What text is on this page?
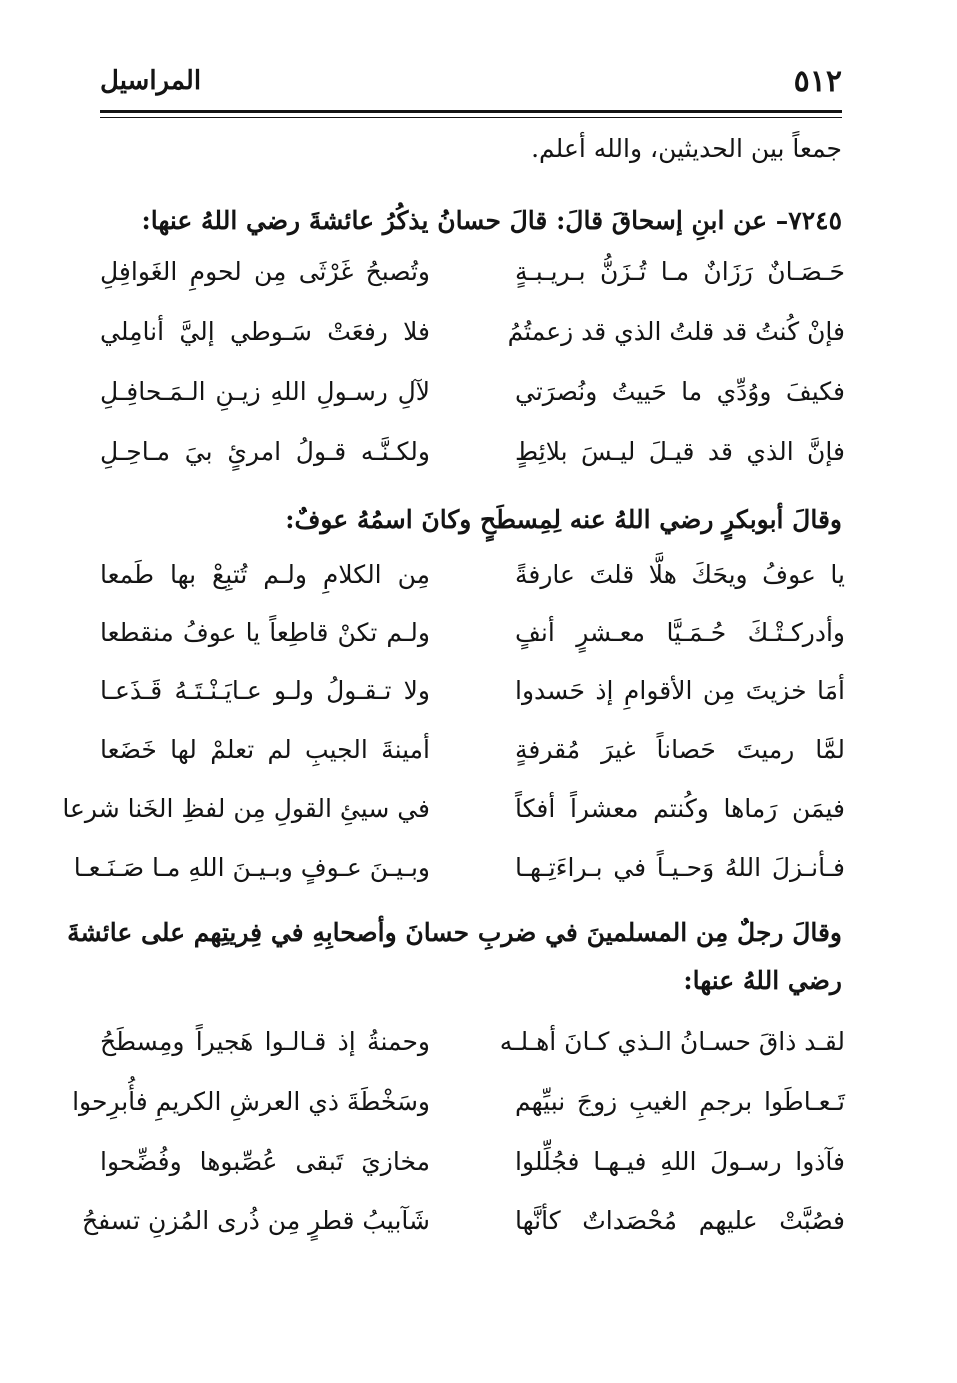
٥١٢
المراسيل
جمعاً بين الحديثين، والله أعلم.
٧٢٤٥– عن ابنِ إسحاقَ قالَ: قالَ حسانُ يذكُرُ عائشةَ رضي اللهُ عنها:
حَـصَـانٌ رَزَانٌ مـا تُـزَنُّ بـريـبـةٍ
وتُصبحُ غَرْثَى مِن لحومِ الغَوافِلِ
فإنْ كُنتُ قد قلتُ الذي قد زعمتُمُ
فلا رفعَتْ سَـوطي إليَّ أنامِلي
فكيفَ ووُدِّي ما حَييتُ ونُصرَتي
لآلِ رسـولِ اللهِ زيـنِ الـمَـحافِـلِ
فإنَّ الذي قد قيـلَ ليـسَ بلائِطٍ
ولكـنَّـه قـولُ امرئٍ بيَ مـاحِـلِ
وقالَ أبوبكرٍ رضي اللهُ عنه لِمِسطَحٍ وكانَ اسمُهُ عوفٌ:
يا عوفُ ويحَكَ هلَّا قلتَ عارفةً
مِن الكلامِ ولـم تُتبِعْ بها طَمعا
وأدركـتْـكَ حُـمَـيَّا معـشرٍ أنفٍ
ولـم تكنْ قاطِعاً يا عوفُ منقطعا
أمَا خزيتَ مِن الأقوامِ إذ حَسدوا
ولا تـقـولُ ولـو عـايَـنْـتَـهُ قَـذَعـا
لمَّا رميتَ حَصاناً غيرَ مُقرفةٍ
أمينةَ الجيبِ لم تعلمْ لها خَضَعا
فيمَن رَماها وكُنتم معشراً أفكاً
في سيئِ القولِ مِن لفظِ الخَنا شرعا
فـأنـزلَ اللهُ وَحـيـاً في بـراءَتِـهـا
وبـيـنَ عـوفٍ وبـيـنَ اللهِ مـا صَـنَـعـا
وقالَ رجلٌ مِن المسلمينَ في ضربِ حسانَ وأصحابِهِ في فِريتِهم على عائشةَ
رضي اللهُ عنها:
لقـد ذاقَ حسـانُ الـذي كـانَ أهـلـه
وحمنةُ إذ قـالـوا هَجيراً ومِسطَحُ
تَـعـاطَوا برجمِ الغيبِ زوجَ نبيِّهم
وسَخْطَةَ ذي العرشِ الكريمِ فأُبرِحوا
فآذوا رسـولَ اللهِ فيـهـا فجُلِّلوا
مخازيَ تَبقى عُصِّبوها وفُضِّحوا
فصُبَّتْ عليهم مُحْصَداتٌ كأنَّها
شَآبيبُ قطرٍ مِن ذُرى المُزنِ تسفحُ
